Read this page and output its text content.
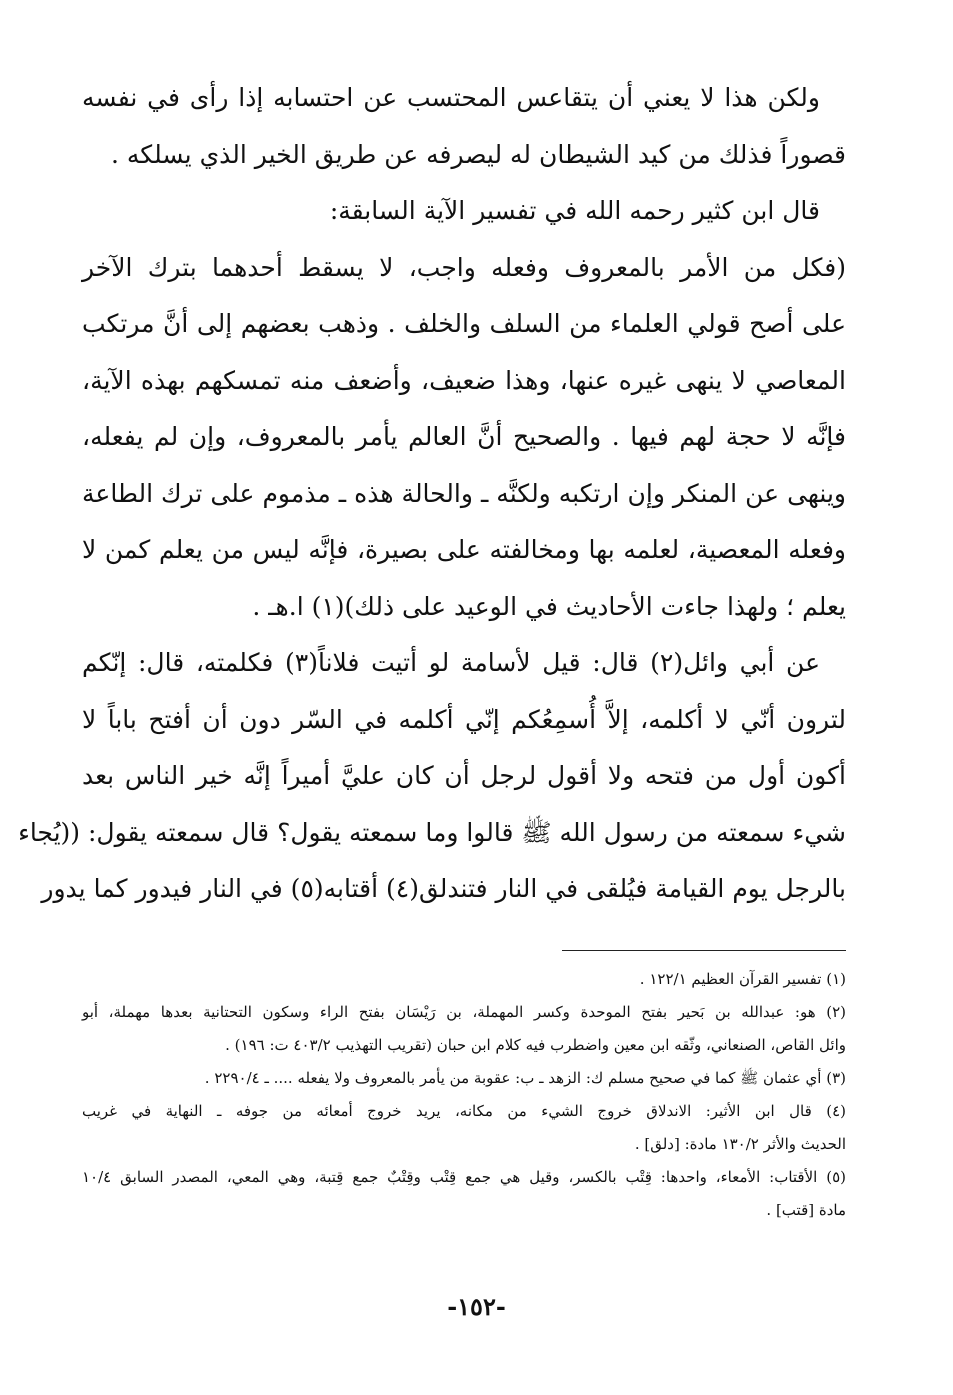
ولكن هذا لا يعني أن يتقاعس المحتسب عن احتسابه إذا رأى في نفسه
قصوراً فذلك من كيد الشيطان له ليصرفه عن طريق الخير الذي يسلكه .
قال ابن كثير رحمه الله في تفسير الآية السابقة:
(فكل من الأمر بالمعروف وفعله واجب، لا يسقط أحدهما بترك الآخر
على أصح قولي العلماء من السلف والخلف . وذهب بعضهم إلى أنَّ مرتكب
المعاصي لا ينهى غيره عنها، وهذا ضعيف، وأضعف منه تمسكهم بهذه الآية،
فإنَّه لا حجة لهم فيها . والصحيح أنَّ العالم يأمر بالمعروف، وإن لم يفعله،
وينهى عن المنكر وإن ارتكبه ولكنَّه ـ والحالة هذه ـ مذموم على ترك الطاعة
وفعله المعصية، لعلمه بها ومخالفته على بصيرة، فإنَّه ليس من يعلم كمن لا
يعلم ؛ ولهذا جاءت الأحاديث في الوعيد على ذلك)(١) ا.هـ .
عن أبي وائل(٢) قال: قيل لأسامة لو أتيت فلاناً(٣) فكلمته، قال: إنّكم
لترون أنّي لا أكلمه، إلاَّ أُسمِعُكم إنّي أكلمه في السّر دون أن أفتح باباً لا
أكون أول من فتحه ولا أقول لرجل أن كان عليَّ أميراً إنَّه خير الناس بعد
شيء سمعته من رسول الله ﷺ قالوا وما سمعته يقول؟ قال سمعته يقول: ((يُجاء
بالرجل يوم القيامة فيُلقى في النار فتندلق(٤) أقتابه(٥) في النار فيدور كما يدور
(١) تفسير القرآن العظيم ١٢٢/١ .
(٢) هو: عبدالله بن بَحير بفتح الموحدة وكسر المهملة، بن رَيْسَان بفتح الراء وسكون التحتانية بعدها مهملة، أبو
وائل القاص، الصنعاني، وثّقه ابن معين واضطرب فيه كلام ابن حبان (تقريب التهذيب ٤٠٣/٢ ت: ١٩٦) .
(٣) أي عثمان ﷺ كما في صحيح مسلم ك: الزهد ـ ب: عقوبة من يأمر بالمعروف ولا يفعله .... ـ ٢٢٩٠/٤ .
(٤) قال ابن الأثير: الاندلاق خروج الشيء من مكانه، يريد خروج أمعائه من جوفه ـ النهاية في غريب
الحديث والأثر ١٣٠/٢ مادة: [دلق] .
(٥) الأقتاب: الأمعاء، واحدها: قِتْب بالكسر، وقيل هي جمع قِتْب وقِتْبٌ جمع قِتبة، وهي المعي، المصدر السابق ١٠/٤
مادة [قتب] .
-١٥٢-
